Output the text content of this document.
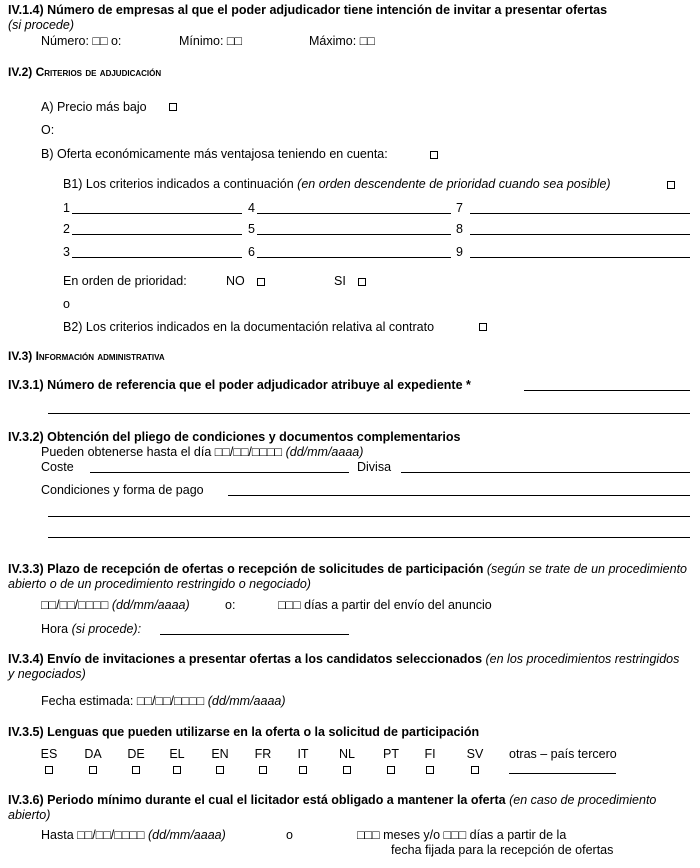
IV.1.4) Número de empresas al que el poder adjudicador tiene intención de invitar a presentar ofertas
(si procede)
Número: □□ o:	Mínimo: □□	Máximo: □□
IV.2) Criterios de adjudicación
A) Precio más bajo
O:
B) Oferta económicamente más ventajosa teniendo en cuenta:
B1) Los criterios indicados a continuación (en orden descendente de prioridad cuando sea posible)
1	4	7
2	5	8
3	6	9
En orden de prioridad:	NO	SI
o
B2) Los criterios indicados en la documentación relativa al contrato
IV.3) Información administrativa
IV.3.1) Número de referencia que el poder adjudicador atribuye al expediente *
IV.3.2) Obtención del pliego de condiciones y documentos complementarios
Pueden obtenerse hasta el día □□/□□/□□□□ (dd/mm/aaaa)
Coste	Divisa
Condiciones y forma de pago
IV.3.3) Plazo de recepción de ofertas o recepción de solicitudes de participación (según se trate de un procedimiento abierto o de un procedimiento restringido o negociado)
□□/□□/□□□□ (dd/mm/aaaa)	o:	□□□ días a partir del envío del anuncio
Hora (si procede):
IV.3.4) Envío de invitaciones a presentar ofertas a los candidatos seleccionados (en los procedimientos restringidos y negociados)
Fecha estimada: □□/□□/□□□□ (dd/mm/aaaa)
IV.3.5) Lenguas que pueden utilizarse en la oferta o la solicitud de participación
ES	DA	DE	EL	EN	FR	IT	NL	PT	FI	SV	otras – país tercero
IV.3.6) Periodo mínimo durante el cual el licitador está obligado a mantener la oferta (en caso de procedimiento abierto)
Hasta □□/□□/□□□□ (dd/mm/aaaa)	o	□□□ meses y/o □□□ días a partir de la
fecha fijada para la recepción de ofertas
